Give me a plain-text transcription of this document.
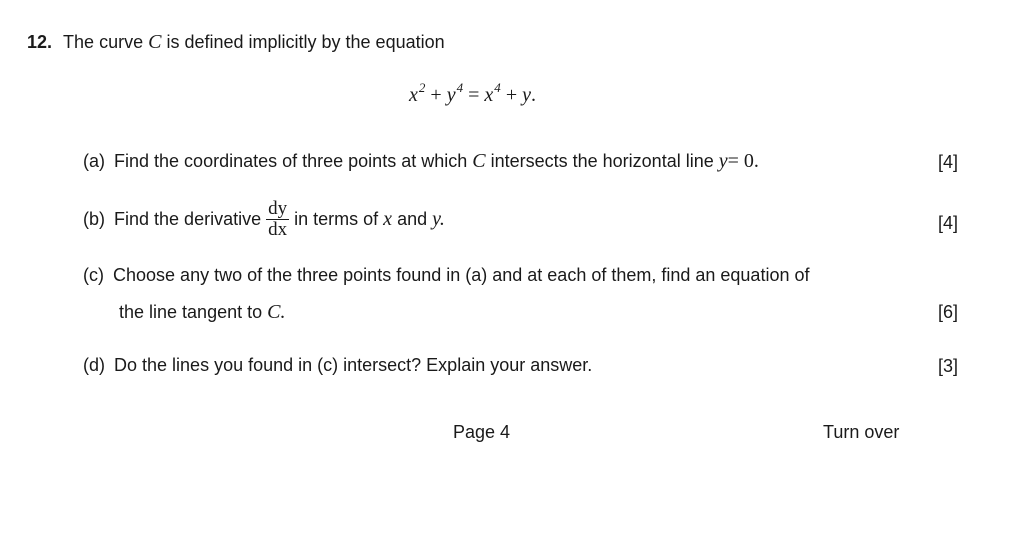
12. The curve C is defined implicitly by the equation
$x^2 + y^4 = x^4 + y$.
(a) Find the coordinates of three points at which C intersects the horizontal line y= 0.	[4]
(b) Find the derivative $\frac{dy}{dx}$ in terms of x and y.	[4]
(c) Choose any two of the three points found in (a) and at each of them, find an equation of
the line tangent to C.	[6]
(d) Do the lines you found in (c) intersect? Explain your answer.	[3]
Page 4	Turn over
